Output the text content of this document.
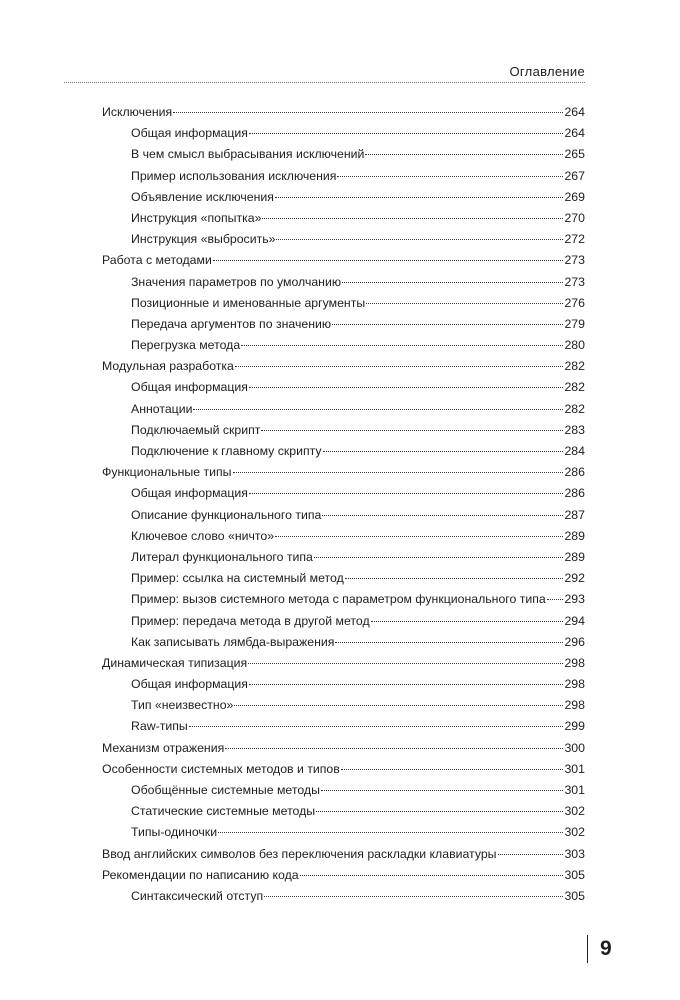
Оглавление
Исключения	264
Общая информация	264
В чем смысл выбрасывания исключений	265
Пример использования исключения	267
Объявление исключения	269
Инструкция «попытка»	270
Инструкция «выбросить»	272
Работа с методами	273
Значения параметров по умолчанию	273
Позиционные и именованные аргументы	276
Передача аргументов по значению	279
Перегрузка метода	280
Модульная разработка	282
Общая информация	282
Аннотации	282
Подключаемый скрипт	283
Подключение к главному скрипту	284
Функциональные типы	286
Общая информация	286
Описание функционального типа	287
Ключевое слово «ничто»	289
Литерал функционального типа	289
Пример: ссылка на системный метод	292
Пример: вызов системного метода с параметром функционального типа 293
Пример: передача метода в другой метод	294
Как записывать лямбда-выражения	296
Динамическая типизация	298
Общая информация	298
Тип «неизвестно»	298
Raw-типы	299
Механизм отражения	300
Особенности системных методов и типов	301
Обобщённые системные методы	301
Статические системные методы	302
Типы-одиночки	302
Ввод английских символов без переключения раскладки клавиатуры	303
Рекомендации по написанию кода	305
Синтаксический отступ	305
9
